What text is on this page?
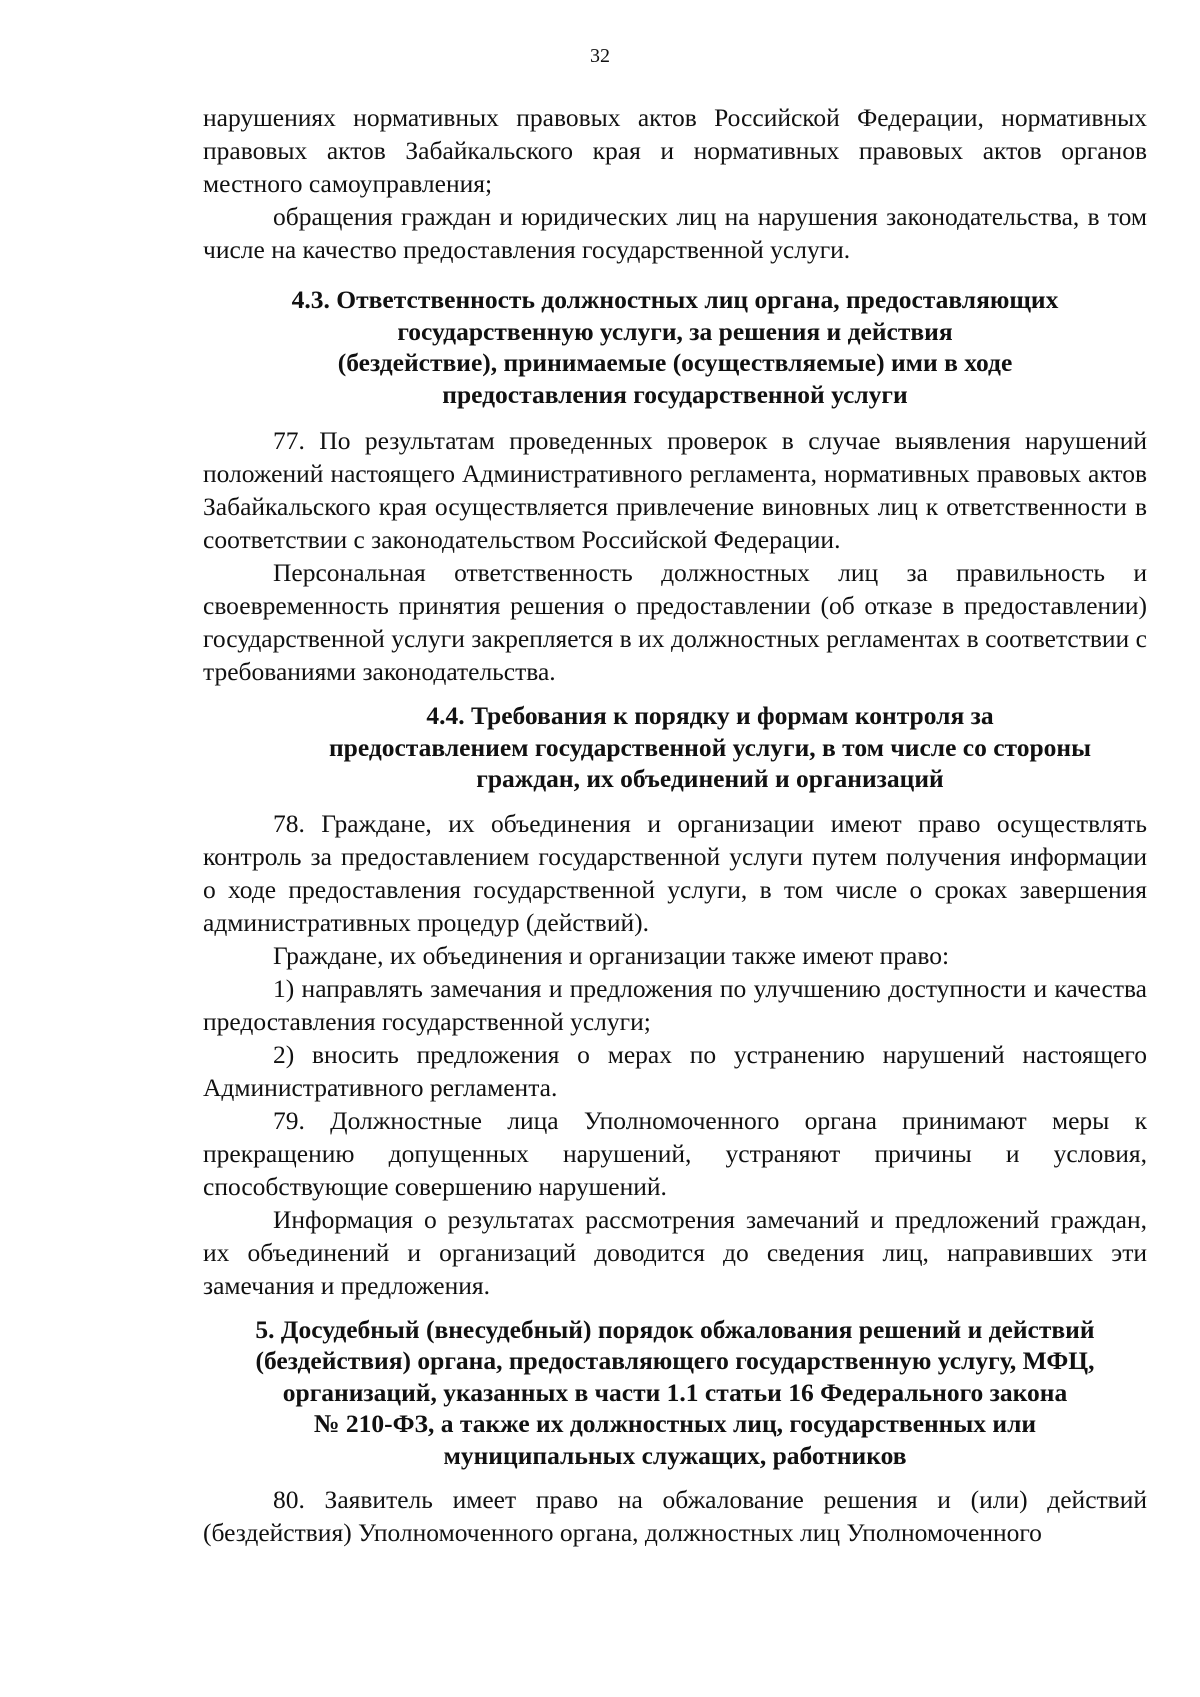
32

нарушениях нормативных правовых актов Российской Федерации, нормативных правовых актов Забайкальского края и нормативных правовых актов органов местного самоуправления;

обращения граждан и юридических лиц на нарушения законодательства, в том числе на качество предоставления государственной услуги.

4.3. Ответственность должностных лиц органа, предоставляющих
государственную услуги, за решения и действия
(бездействие), принимаемые (осуществляемые) ими в ходе
предоставления государственной услуги

77. По результатам проведенных проверок в случае выявления нарушений положений настоящего Административного регламента, нормативных правовых актов Забайкальского края осуществляется привлечение виновных лиц к ответственности в соответствии с законодательством Российской Федерации.

Персональная ответственность должностных лиц за правильность и своевременность принятия решения о предоставлении (об отказе в предоставлении) государственной услуги закрепляется в их должностных регламентах в соответствии с требованиями законодательства.

4.4. Требования к порядку и формам контроля за
предоставлением государственной услуги, в том числе со стороны
граждан, их объединений и организаций

78. Граждане, их объединения и организации имеют право осуществлять контроль за предоставлением государственной услуги путем получения информации о ходе предоставления государственной услуги, в том числе о сроках завершения административных процедур (действий).

Граждане, их объединения и организации также имеют право:

1) направлять замечания и предложения по улучшению доступности и качества предоставления государственной услуги;

2) вносить предложения о мерах по устранению нарушений настоящего Административного регламента.

79. Должностные лица Уполномоченного органа принимают меры к прекращению допущенных нарушений, устраняют причины и условия, способствующие совершению нарушений.

Информация о результатах рассмотрения замечаний и предложений граждан, их объединений и организаций доводится до сведения лиц, направивших эти замечания и предложения.

5. Досудебный (внесудебный) порядок обжалования решений и действий
(бездействия) органа, предоставляющего государственную услугу, МФЦ,
организаций, указанных в части 1.1 статьи 16 Федерального закона
№ 210-ФЗ, а также их должностных лиц, государственных или
муниципальных служащих, работников

80. Заявитель имеет право на обжалование решения и (или) действий (бездействия) Уполномоченного органа, должностных лиц Уполномоченного
